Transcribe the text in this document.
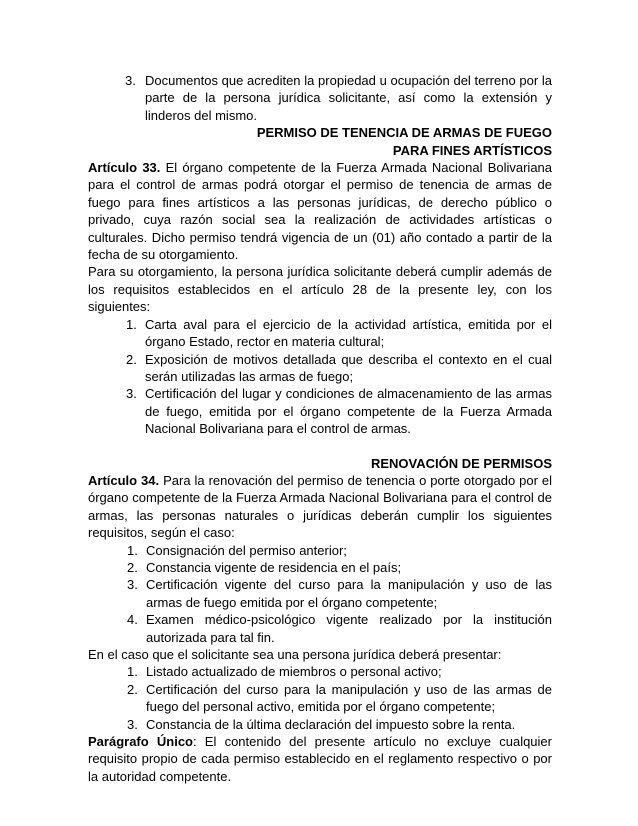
3. Documentos que acrediten la propiedad u ocupación del terreno por la parte de la persona jurídica solicitante, así como la extensión y linderos del mismo.

PERMISO DE TENENCIA DE ARMAS DE FUEGO

PARA FINES ARTÍSTICOS

Artículo 33. El órgano competente de la Fuerza Armada Nacional Bolivariana para el control de armas podrá otorgar el permiso de tenencia de armas de fuego para fines artísticos a las personas jurídicas, de derecho público o privado, cuya razón social sea la realización de actividades artísticas o culturales. Dicho permiso tendrá vigencia de un (01) año contado a partir de la fecha de su otorgamiento.

Para su otorgamiento, la persona jurídica solicitante deberá cumplir además de los requisitos establecidos en el artículo 28 de la presente ley, con los siguientes:

1. Carta aval para el ejercicio de la actividad artística, emitida por el órgano Estado, rector en materia cultural;
2. Exposición de motivos detallada que describa el contexto en el cual serán utilizadas las armas de fuego;
3. Certificación del lugar y condiciones de almacenamiento de las armas de fuego, emitida por el órgano competente de la Fuerza Armada Nacional Bolivariana para el control de armas.

RENOVACIÓN DE PERMISOS

Artículo 34. Para la renovación del permiso de tenencia o porte otorgado por el órgano competente de la Fuerza Armada Nacional Bolivariana para el control de armas, las personas naturales o jurídicas deberán cumplir los siguientes requisitos, según el caso:

1. Consignación del permiso anterior;
2. Constancia vigente de residencia en el país;
3. Certificación vigente del curso para la manipulación y uso de las armas de fuego emitida por el órgano competente;
4. Examen médico-psicológico vigente realizado por la institución autorizada para tal fin.

En el caso que el solicitante sea una persona jurídica deberá presentar:

1. Listado actualizado de miembros o personal activo;
2. Certificación del curso para la manipulación y uso de las armas de fuego del personal activo, emitida por el órgano competente;
3. Constancia de la última declaración del impuesto sobre la renta.

Parágrafo Único: El contenido del presente artículo no excluye cualquier requisito propio de cada permiso establecido en el reglamento respectivo o por la autoridad competente.
